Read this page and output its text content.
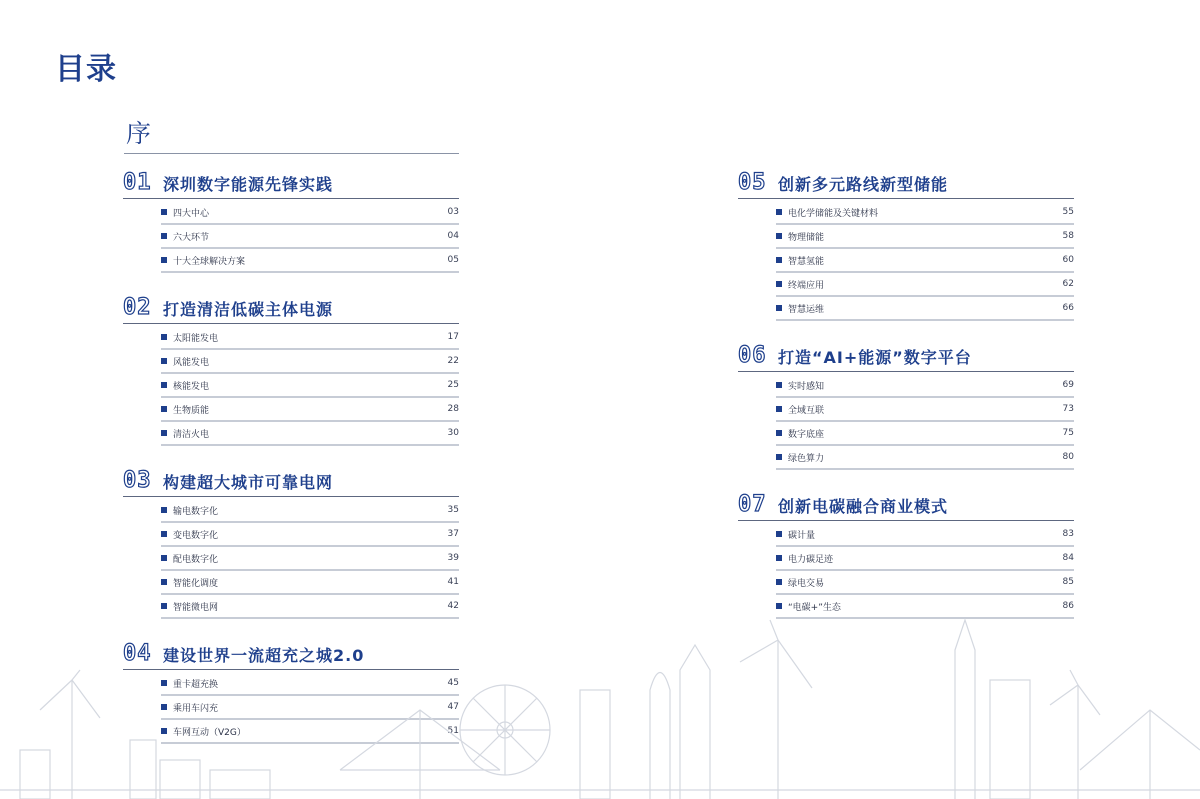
目录
序
01 深圳数字能源先锋实践
四大中心	03
六大环节	04
十大全球解决方案	05
02 打造清洁低碳主体电源
太阳能发电	17
风能发电	22
核能发电	25
生物质能	28
清洁火电	30
03 构建超大城市可靠电网
输电数字化	35
变电数字化	37
配电数字化	39
智能化调度	41
智能微电网	42
04 建设世界一流超充之城2.0
重卡超充换	45
乘用车闪充	47
车网互动（V2G）	51
05 创新多元路线新型储能
电化学储能及关键材料	55
物理储能	58
智慧氢能	60
终端应用	62
智慧运维	66
06 打造“AI+能源”数字平台
实时感知	69
全域互联	73
数字底座	75
绿色算力	80
07 创新电碳融合商业模式
碳计量	83
电力碳足迹	84
绿电交易	85
“电碳+”生态	86
